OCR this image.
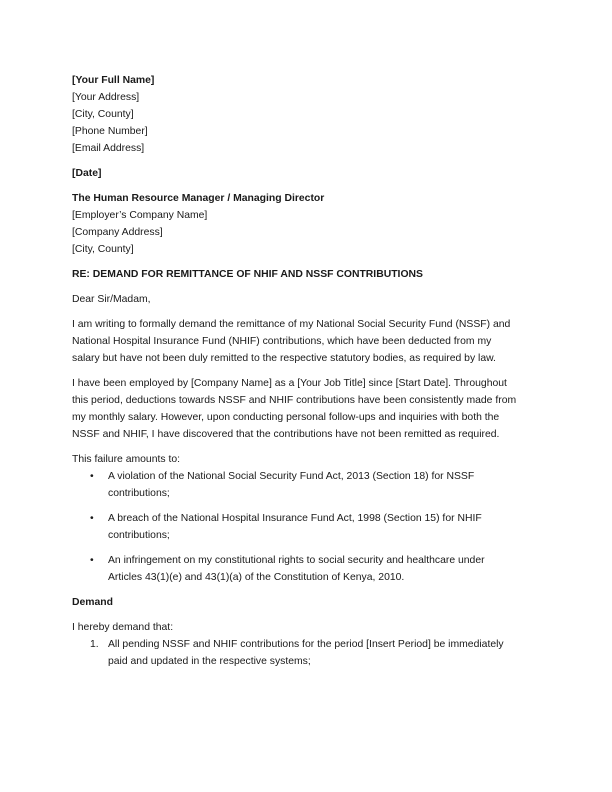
[Your Full Name]
[Your Address]
[City, County]
[Phone Number]
[Email Address]
[Date]
The Human Resource Manager / Managing Director
[Employer’s Company Name]
[Company Address]
[City, County]
RE: DEMAND FOR REMITTANCE OF NHIF AND NSSF CONTRIBUTIONS
Dear Sir/Madam,
I am writing to formally demand the remittance of my National Social Security Fund (NSSF) and
National Hospital Insurance Fund (NHIF) contributions, which have been deducted from my
salary but have not been duly remitted to the respective statutory bodies, as required by law.
I have been employed by [Company Name] as a [Your Job Title] since [Start Date]. Throughout
this period, deductions towards NSSF and NHIF contributions have been consistently made from
my monthly salary. However, upon conducting personal follow-ups and inquiries with both the
NSSF and NHIF, I have discovered that the contributions have not been remitted as required.
This failure amounts to:
• A violation of the National Social Security Fund Act, 2013 (Section 18) for NSSF
contributions;
• A breach of the National Hospital Insurance Fund Act, 1998 (Section 15) for NHIF
contributions;
• An infringement on my constitutional rights to social security and healthcare under
Articles 43(1)(e) and 43(1)(a) of the Constitution of Kenya, 2010.
Demand
I hereby demand that:
1. All pending NSSF and NHIF contributions for the period [Insert Period] be immediately
paid and updated in the respective systems;
